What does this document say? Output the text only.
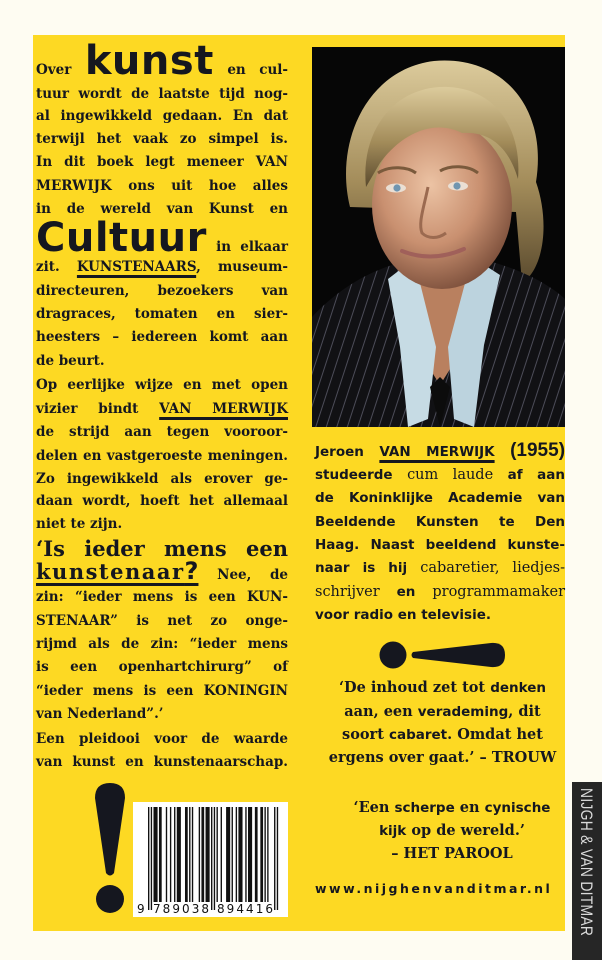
Over kunst en cul-
tuur wordt de laatste tijd nog-
al ingewikkeld gedaan. En dat
terwijl het vaak zo simpel is.
In dit boek legt meneer VAN
MERWIJK ons uit hoe alles
in de wereld van Kunst en
Cultuur in elkaar
zit. KUNSTENAARS, museum-
directeuren, bezoekers van
dragraces, tomaten en sier-
heesters – iedereen komt aan
de beurt.
Op eerlijke wijze en met open
vizier bindt VAN MERWIJK
de strijd aan tegen vooroor-
delen en vastgeroeste meningen.
Zo ingewikkeld als erover ge-
daan wordt, hoeft het allemaal
niet te zijn.
‘Is ieder mens een
kunstenaar? Nee, de
zin: “ieder mens is een KUN-
STENAAR” is net zo onge-
rijmd als de zin: “ieder mens
is een openhartchirurg” of
“ieder mens is een KONINGIN
van Nederland”.’
Een pleidooi voor de waarde
van kunst en kunstenaarschap.
Jeroen VAN MERWIJK (1955)
studeerde cum laude af aan
de Koninklijke Academie van
Beeldende Kunsten te Den
Haag. Naast beeldend kunste-
naar is hij cabaretier, liedjes-
schrijver en programmamaker
voor radio en televisie.
‘De inhoud zet tot denken
aan, een verademing, dit
soort cabaret. Omdat het
ergens over gaat.’ – TROUW
‘Een scherpe en cynische
kijk op de wereld.’
– HET PAROOL
www.nijghenvanditmar.nl
9 789038 894416	NIJGH & VAN DITMAR
